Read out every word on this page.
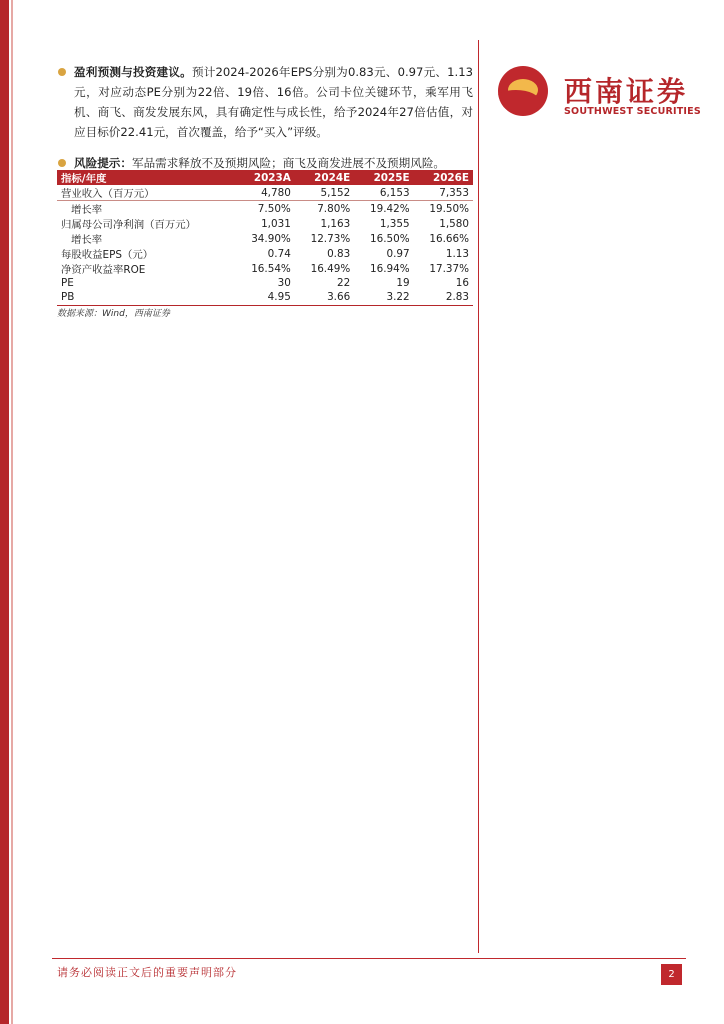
西南证券
SOUTHWEST SECURITIES
盈利预测与投资建议。预计2024-2026年EPS分别为0.83元、0.97元、1.13元，对应动态PE分别为22倍、19倍、16倍。公司卡位关键环节，乘军用飞机、商飞、商发发展东风，具有确定性与成长性，给予2024年27倍估值，对应目标价22.41元，首次覆盖，给予“买入”评级。
风险提示：军品需求释放不及预期风险；商飞及商发进展不及预期风险。
指标/年度	2023A	2024E	2025E	2026E
营业收入（百万元）	4,780	5,152	6,153	7,353
增长率	7.50%	7.80%	19.42%	19.50%
归属母公司净利润（百万元）	1,031	1,163	1,355	1,580
增长率	34.90%	12.73%	16.50%	16.66%
每股收益EPS（元）	0.74	0.83	0.97	1.13
净资产收益率ROE	16.54%	16.49%	16.94%	17.37%
PE	30	22	19	16
PB	4.95	3.66	3.22	2.83
数据来源：Wind，西南证券
请务必阅读正文后的重要声明部分	2
